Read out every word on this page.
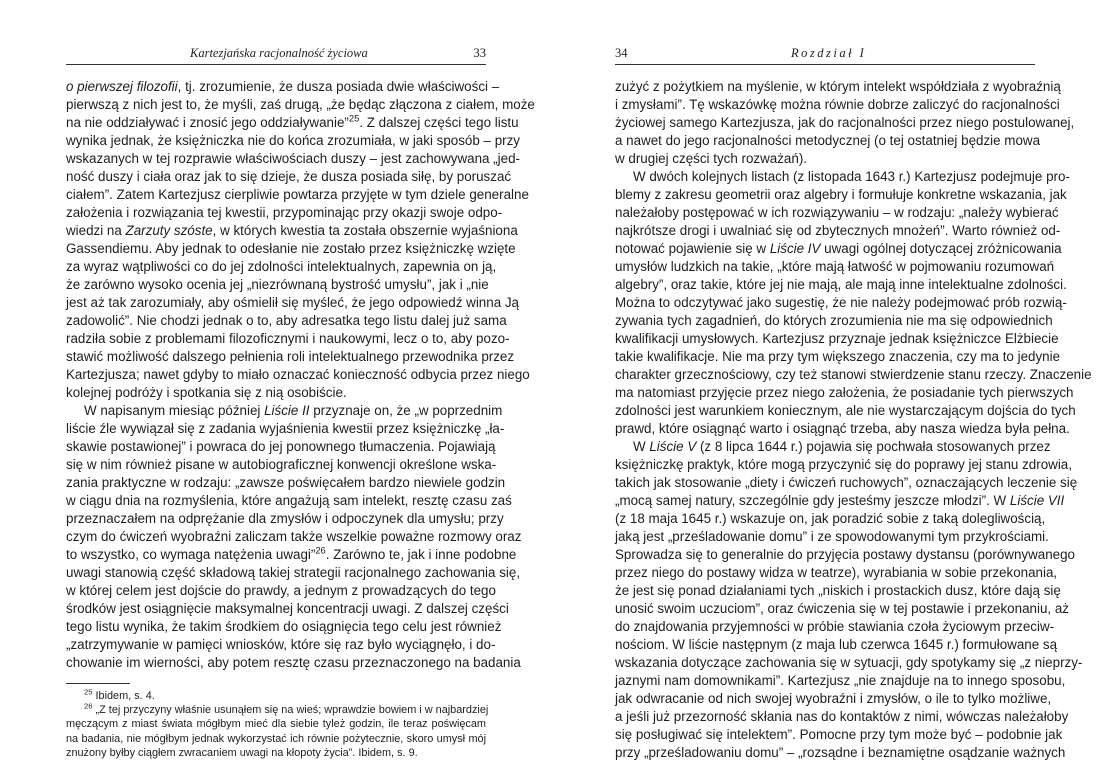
Kartezjańska racjonalność życiowa	33
o pierwszej filozofii, tj. zrozumienie, że dusza posiada dwie właściwości –
pierwszą z nich jest to, że myśli, zaś drugą, „że będąc złączona z ciałem, może
na nie oddziaływać i znosić jego oddziaływanie”$^{25}$. Z dalszej części tego listu
wynika jednak, że księżniczka nie do końca zrozumiała, w jaki sposób – przy
wskazanych w tej rozprawie właściwościach duszy – jest zachowywana „jed-
ność duszy i ciała oraz jak to się dzieje, że dusza posiada siłę, by poruszać
ciałem”. Zatem Kartezjusz cierpliwie powtarza przyjęte w tym dziele generalne
założenia i rozwiązania tej kwestii, przypominając przy okazji swoje odpo-
wiedzi na Zarzuty szóste, w których kwestia ta została obszernie wyjaśniona
Gassendiemu. Aby jednak to odesłanie nie zostało przez księżniczkę wzięte
za wyraz wątpliwości co do jej zdolności intelektualnych, zapewnia on ją,
że zarówno wysoko ocenia jej „niezrównaną bystrość umysłu”, jak i „nie
jest aż tak zarozumiały, aby ośmielił się myśleć, że jego odpowiedź winna Ją
zadowolić”. Nie chodzi jednak o to, aby adresatka tego listu dalej już sama
radziła sobie z problemami filozoficznymi i naukowymi, lecz o to, aby pozo-
stawić możliwość dalszego pełnienia roli intelektualnego przewodnika przez
Kartezjusza; nawet gdyby to miało oznaczać konieczność odbycia przez niego
kolejnej podróży i spotkania się z nią osobiście.
W napisanym miesiąc później Liście II przyznaje on, że „w poprzednim
liście źle wywiązał się z zadania wyjaśnienia kwestii przez księżniczkę „ła-
skawie postawionej” i powraca do jej ponownego tłumaczenia. Pojawiają
się w nim również pisane w autobiograficznej konwencji określone wska-
zania praktyczne w rodzaju: „zawsze poświęcałem bardzo niewiele godzin
w ciągu dnia na rozmyślenia, które angażują sam intelekt, resztę czasu zaś
przeznaczałem na odprężanie dla zmysłów i odpoczynek dla umysłu; przy
czym do ćwiczeń wyobraźni zaliczam także wszelkie poważne rozmowy oraz
to wszystko, co wymaga natężenia uwagi”$^{26}$. Zarówno te, jak i inne podobne
uwagi stanowią część składową takiej strategii racjonalnego zachowania się,
w której celem jest dojście do prawdy, a jednym z prowadzących do tego
środków jest osiągnięcie maksymalnej koncentracji uwagi. Z dalszej części
tego listu wynika, że takim środkiem do osiągnięcia tego celu jest również
„zatrzymywanie w pamięci wniosków, które się raz było wyciągnęło, i do-
chowanie im wierności, aby potem resztę czasu przeznaczonego na badania
$^{25}$ Ibidem, s. 4.
$^{26}$ „Z tej przyczyny właśnie usunąłem się na wieś; wprawdzie bowiem i w najbardziej
męczącym z miast świata mógłbym mieć dla siebie tyleż godzin, ile teraz poświęcam
na badania, nie mógłbym jednak wykorzystać ich równie pożytecznie, skoro umysł mój
znużony byłby ciągłem zwracaniem uwagi na kłopoty życia”. Ibidem, s. 9.
34	Rozdział I
zużyć z pożytkiem na myślenie, w którym intelekt współdziała z wyobraźnią
i zmysłami”. Tę wskazówkę można równie dobrze zaliczyć do racjonalności
życiowej samego Kartezjusza, jak do racjonalności przez niego postulowanej,
a nawet do jego racjonalności metodycznej (o tej ostatniej będzie mowa
w drugiej części tych rozważań).
W dwóch kolejnych listach (z listopada 1643 r.) Kartezjusz podejmuje pro-
blemy z zakresu geometrii oraz algebry i formułuje konkretne wskazania, jak
należałoby postępować w ich rozwiązywaniu – w rodzaju: „należy wybierać
najkrótsze drogi i uwalniać się od zbytecznych mnożeń”. Warto również od-
notować pojawienie się w Liście IV uwagi ogólnej dotyczącej zróżnicowania
umysłów ludzkich na takie, „które mają łatwość w pojmowaniu rozumowań
algebry”, oraz takie, które jej nie mają, ale mają inne intelektualne zdolności.
Można to odczytywać jako sugestię, że nie należy podejmować prób rozwią-
zywania tych zagadnień, do których zrozumienia nie ma się odpowiednich
kwalifikacji umysłowych. Kartezjusz przyznaje jednak księżniczce Elżbiecie
takie kwalifikacje. Nie ma przy tym większego znaczenia, czy ma to jedynie
charakter grzecznościowy, czy też stanowi stwierdzenie stanu rzeczy. Znaczenie
ma natomiast przyjęcie przez niego założenia, że posiadanie tych pierwszych
zdolności jest warunkiem koniecznym, ale nie wystarczającym dojścia do tych
prawd, które osiągnąć warto i osiągnąć trzeba, aby nasza wiedza była pełna.
W Liście V (z 8 lipca 1644 r.) pojawia się pochwała stosowanych przez
księżniczkę praktyk, które mogą przyczynić się do poprawy jej stanu zdrowia,
takich jak stosowanie „diety i ćwiczeń ruchowych”, oznaczających leczenie się
„mocą samej natury, szczególnie gdy jesteśmy jeszcze młodzi”. W Liście VII
(z 18 maja 1645 r.) wskazuje on, jak poradzić sobie z taką dolegliwością,
jaką jest „prześladowanie domu” i ze spowodowanymi tym przykrościami.
Sprowadza się to generalnie do przyjęcia postawy dystansu (porównywanego
przez niego do postawy widza w teatrze), wyrabiania w sobie przekonania,
że jest się ponad działaniami tych „niskich i prostackich dusz, które dają się
unosić swoim uczuciom”, oraz ćwiczenia się w tej postawie i przekonaniu, aż
do znajdowania przyjemności w próbie stawiania czoła życiowym przeciw-
nościom. W liście następnym (z maja lub czerwca 1645 r.) formułowane są
wskazania dotyczące zachowania się w sytuacji, gdy spotykamy się „z nieprzy-
jaznymi nam domownikami”. Kartezjusz „nie znajduje na to innego sposobu,
jak odwracanie od nich swojej wyobraźni i zmysłów, o ile to tylko możliwe,
a jeśli już przezorność skłania nas do kontaktów z nimi, wówczas należałoby
się posługiwać się intelektem”. Pomocne przy tym może być – podobnie jak
przy „prześladowaniu domu” – „rozsądne i beznamiętne osądzanie ważnych
